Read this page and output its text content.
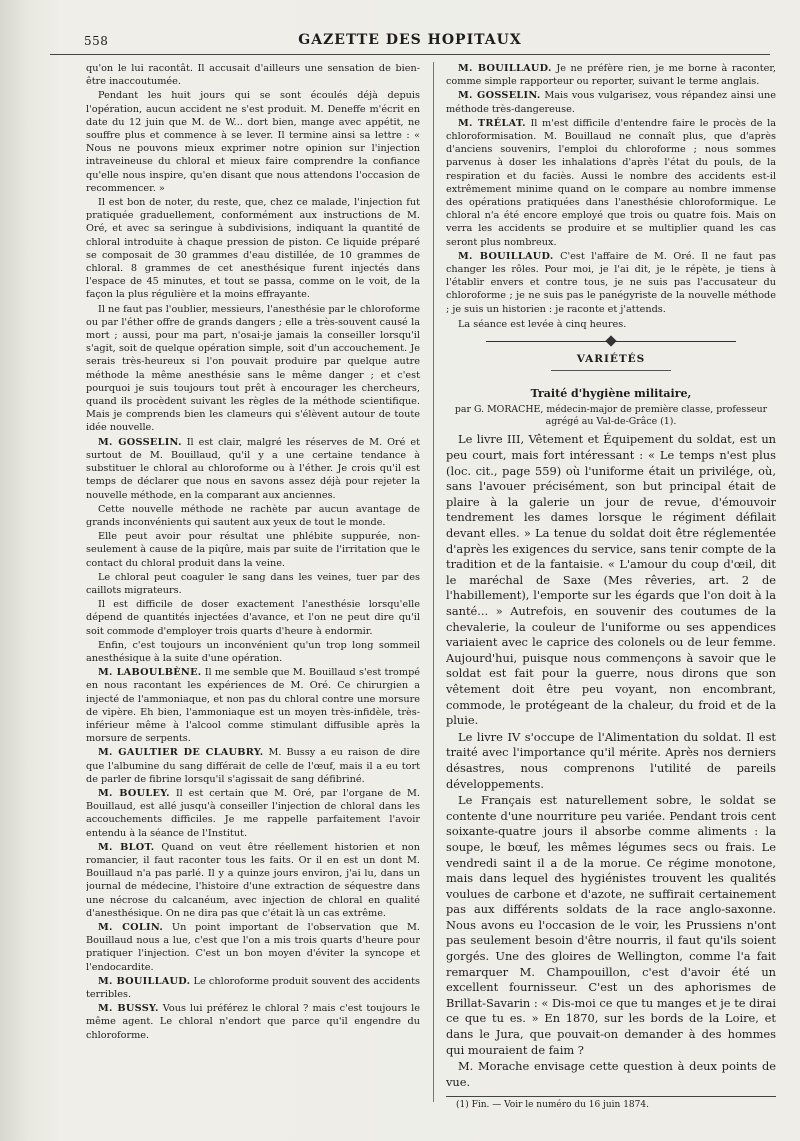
558	GAZETTE DES HOPITAUX

qu'on le lui racontât. Il accusait d'ailleurs une sensation de bien-être inaccoutumée.

Pendant les huit jours qui se sont écoulés déjà depuis l'opération, aucun accident ne s'est produit. M. Deneffe m'écrit en date du 12 juin que M. de W... dort bien, mange avec appétit, ne souffre plus et commence à se lever. Il termine ainsi sa lettre : « Nous ne pouvons mieux exprimer notre opinion sur l'injection intraveineuse du chloral et mieux faire comprendre la confiance qu'elle nous inspire, qu'en disant que nous attendons l'occasion de recommencer. »

Il est bon de noter, du reste, que, chez ce malade, l'injection fut pratiquée graduellement, conformément aux instructions de M. Oré, et avec sa seringue à subdivisions, indiquant la quantité de chloral introduite à chaque pression de piston. Ce liquide préparé se composait de 30 grammes d'eau distillée, de 10 grammes de chloral. 8 grammes de cet anesthésique furent injectés dans l'espace de 45 minutes, et tout se passa, comme on le voit, de la façon la plus régulière et la moins effrayante.

Il ne faut pas l'oublier, messieurs, l'anesthésie par le chloroforme ou par l'éther offre de grands dangers ; elle a très-souvent causé la mort ; aussi, pour ma part, n'osai-je jamais la conseiller lorsqu'il s'agit, soit de quelque opération simple, soit d'un accouchement. Je serais très-heureux si l'on pouvait produire par quelque autre méthode la même anesthésie sans le même danger ; et c'est pourquoi je suis toujours tout prêt à encourager les chercheurs, quand ils procèdent suivant les règles de la méthode scientifique. Mais je comprends bien les clameurs qui s'élèvent autour de toute idée nouvelle.

M. GOSSELIN. Il est clair, malgré les réserves de M. Oré et surtout de M. Bouillaud, qu'il y a une certaine tendance à substituer le chloral au chloroforme ou à l'éther. Je crois qu'il est temps de déclarer que nous en savons assez déjà pour rejeter la nouvelle méthode, en la comparant aux anciennes.

Cette nouvelle méthode ne rachète par aucun avantage de grands inconvénients qui sautent aux yeux de tout le monde.

Elle peut avoir pour résultat une phlébite suppurée, non-seulement à cause de la piqûre, mais par suite de l'irritation que le contact du chloral produit dans la veine.

Le chloral peut coaguler le sang dans les veines, tuer par des caillots migrateurs.

Il est difficile de doser exactement l'anesthésie lorsqu'elle dépend de quantités injectées d'avance, et l'on ne peut dire qu'il soit commode d'employer trois quarts d'heure à endormir.

Enfin, c'est toujours un inconvénient qu'un trop long sommeil anesthésique à la suite d'une opération.

M. LABOULBÈNE. Il me semble que M. Bouillaud s'est trompé en nous racontant les expériences de M. Oré. Ce chirurgien a injecté de l'ammoniaque, et non pas du chloral contre une morsure de vipère. Eh bien, l'ammoniaque est un moyen très-infidèle, très-inférieur même à l'alcool comme stimulant diffusible après la morsure de serpents.

M. GAULTIER DE CLAUBRY. M. Bussy a eu raison de dire que l'albumine du sang différait de celle de l'œuf, mais il a eu tort de parler de fibrine lorsqu'il s'agissait de sang défibriné.

M. BOULEY. Il est certain que M. Oré, par l'organe de M. Bouillaud, est allé jusqu'à conseiller l'injection de chloral dans les accouchements difficiles. Je me rappelle parfaitement l'avoir entendu à la séance de l'Institut.

M. BLOT. Quand on veut être réellement historien et non romancier, il faut raconter tous les faits. Or il en est un dont M. Bouillaud n'a pas parlé. Il y a quinze jours environ, j'ai lu, dans un journal de médecine, l'histoire d'une extraction de séquestre dans une nécrose du calcanéum, avec injection de chloral en qualité d'anesthésique. On ne dira pas que c'était là un cas extrême.

M. COLIN. Un point important de l'observation que M. Bouillaud nous a lue, c'est que l'on a mis trois quarts d'heure pour pratiquer l'injection. C'est un bon moyen d'éviter la syncope et l'endocardite.

M. BOUILLAUD. Le chloroforme produit souvent des accidents terribles.

M. BUSSY. Vous lui préférez le chloral ? mais c'est toujours le même agent. Le chloral n'endort que parce qu'il engendre du chloroforme.

M. BOUILLAUD. Je ne préfère rien, je me borne à raconter, comme simple rapporteur ou reporter, suivant le terme anglais.

M. GOSSELIN. Mais vous vulgarisez, vous répandez ainsi une méthode très-dangereuse.

M. TRÉLAT. Il m'est difficile d'entendre faire le procès de la chloroformisation. M. Bouillaud ne connaît plus, que d'après d'anciens souvenirs, l'emploi du chloroforme ; nous sommes parvenus à doser les inhalations d'après l'état du pouls, de la respiration et du faciès. Aussi le nombre des accidents est-il extrêmement minime quand on le compare au nombre immense des opérations pratiquées dans l'anesthésie chloroformique. Le chloral n'a été encore employé que trois ou quatre fois. Mais on verra les accidents se produire et se multiplier quand les cas seront plus nombreux.

M. BOUILLAUD. C'est l'affaire de M. Oré. Il ne faut pas changer les rôles. Pour moi, je l'ai dit, je le répète, je tiens à l'établir envers et contre tous, je ne suis pas l'accusateur du chloroforme ; je ne suis pas le panégyriste de la nouvelle méthode ; je suis un historien : je raconte et j'attends.

La séance est levée à cinq heures.

VARIÉTÉS
Traité d'hygiène militaire,
par G. MORACHE, médecin-major de première classe, professeur agrégé au Val-de-Grâce (1).

Le livre III, Vêtement et Équipement du soldat, est un peu court, mais fort intéressant : « Le temps n'est plus (loc. cit., page 559) où l'uniforme était un privilége, où, sans l'avouer précisément, son but principal était de plaire à la galerie un jour de revue, d'émouvoir tendrement les dames lorsque le régiment défilait devant elles. » La tenue du soldat doit être réglementée d'après les exigences du service, sans tenir compte de la tradition et de la fantaisie. « L'amour du coup d'œil, dit le maréchal de Saxe (Mes rêveries, art. 2 de l'habillement), l'emporte sur les égards que l'on doit à la santé... » Autrefois, en souvenir des coutumes de la chevalerie, la couleur de l'uniforme ou ses appendices variaient avec le caprice des colonels ou de leur femme. Aujourd'hui, puisque nous commençons à savoir que le soldat est fait pour la guerre, nous dirons que son vêtement doit être peu voyant, non encombrant, commode, le protégeant de la chaleur, du froid et de la pluie.

Le livre IV s'occupe de l'Alimentation du soldat. Il est traité avec l'importance qu'il mérite. Après nos derniers désastres, nous comprenons l'utilité de pareils développements.

Le Français est naturellement sobre, le soldat se contente d'une nourriture peu variée. Pendant trois cent soixante-quatre jours il absorbe comme aliments : la soupe, le bœuf, les mêmes légumes secs ou frais. Le vendredi saint il a de la morue. Ce régime monotone, mais dans lequel des hygiénistes trouvent les qualités voulues de carbone et d'azote, ne suffirait certainement pas aux différents soldats de la race anglo-saxonne. Nous avons eu l'occasion de le voir, les Prussiens n'ont pas seulement besoin d'être nourris, il faut qu'ils soient gorgés. Une des gloires de Wellington, comme l'a fait remarquer M. Champouillon, c'est d'avoir été un excellent fournisseur. C'est un des aphorismes de Brillat-Savarin : « Dis-moi ce que tu manges et je te dirai ce que tu es. » En 1870, sur les bords de la Loire, et dans le Jura, que pouvait-on demander à des hommes qui mouraient de faim ?

M. Morache envisage cette question à deux points de vue.

(1) Fin. — Voir le numéro du 16 juin 1874.
